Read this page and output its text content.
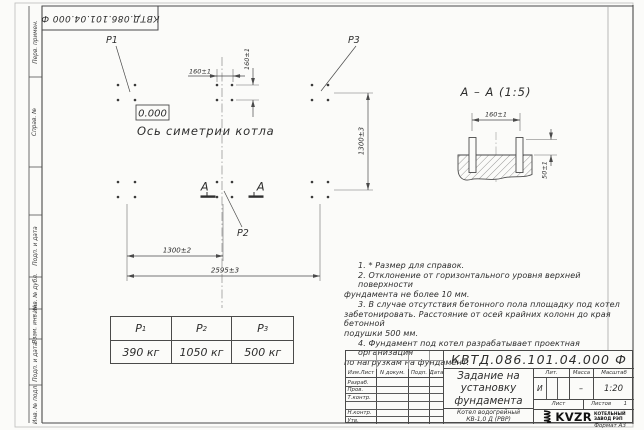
P1	P3
P2
0.000
Ось симетрии котла
160±1
160±1
1300±3
1300±2
2595±3
А	А
А – А (1:5)
160±1
50±1
КВТД.086.101.04.000 Ф
Перв. примен.
Справ. №
Подп. и дата
Инв. № дубл.
Взам. инв. №
Подп. и дата
Инв. № подл.
1. * Размер для справок.
2. Отклонение от горизонтального уровня верхней поверхности
фундамента не более 10 мм.
3. В случае отсутствия бетонного пола площадку под котел
забетонировать. Расстояние от осей крайних колонн до края бетонной
подушки 500 мм.
4. Фундамент под котел разрабатывает проектная организация
по нагрузкам на фундамент.
P 1	P 2	P 3
390 кг	1050 кг	500 кг	КВТД.086.101.04.000 Ф
Изм.Лист	N докум.	Подп. Дата
Разраб.
Пров.
Т.контр.
Н.контр.
Утв.
Задание на
установку
фундамента
Котел водогрейный
КВ-1,0 Д (РВР)
Лит.	Масса	Масштаб
И	–	1:20
Лист	Листов 1
KVZR КОТЕЛЬНЫЙ
ЗАВОД РЭП
Формат А3
